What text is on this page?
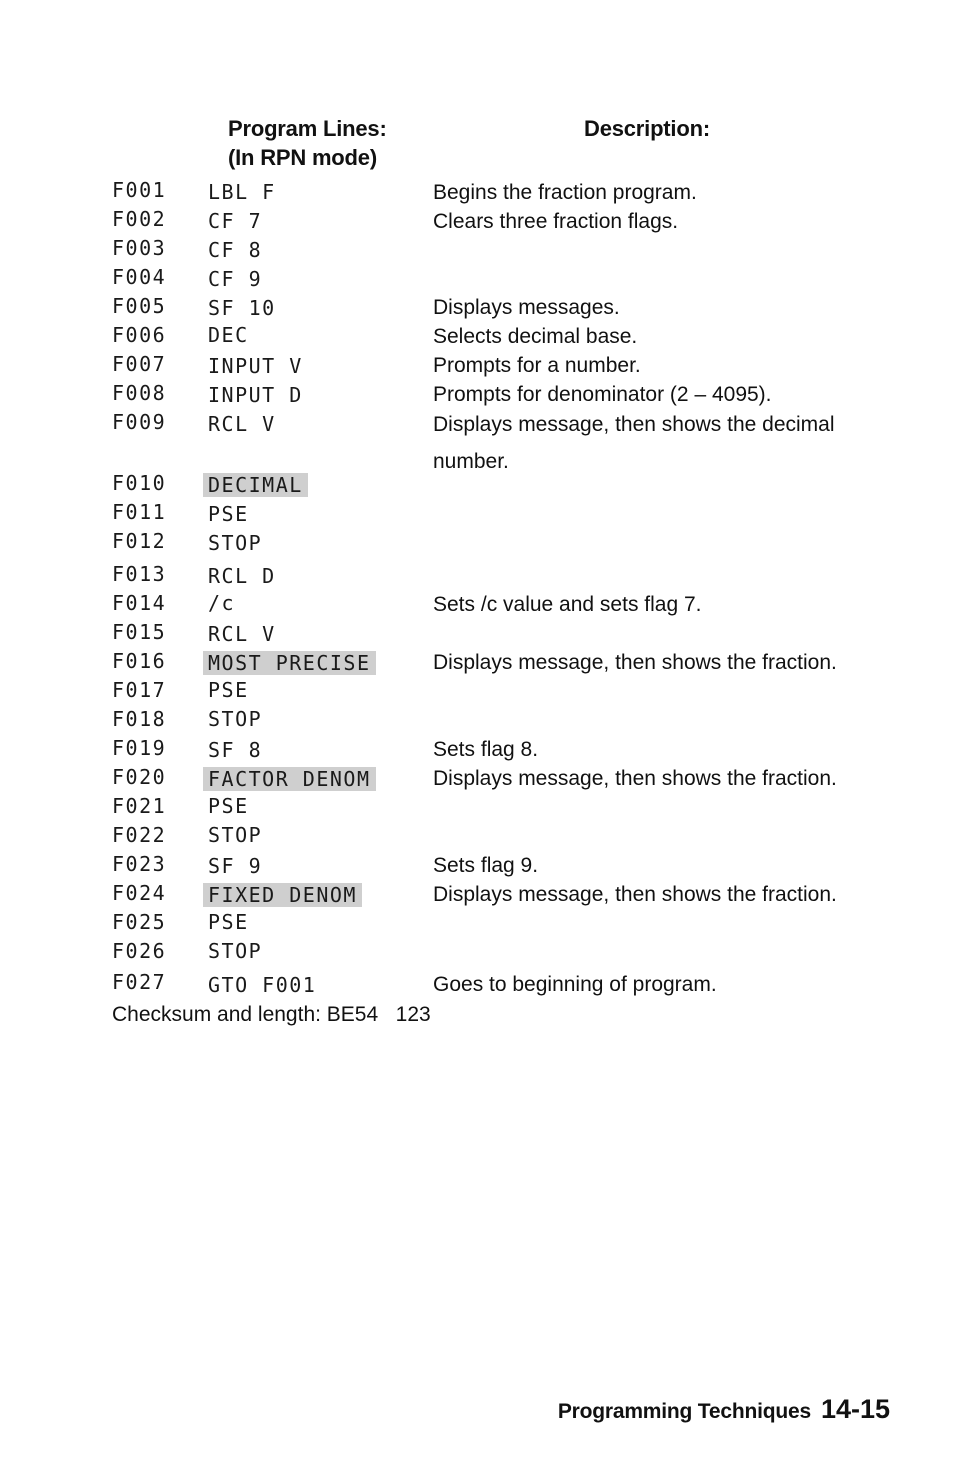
Program Lines:
(In RPN mode)
Description:
F001 LBL F
F002 CF 7
F003 CF 8
F004 CF 9
F005 SF 10
F006 DEC
F007 INPUT V
F008 INPUT D
F009 RCL V
F010 DECIMAL
F011 PSE
F012 STOP
F013 RCL D
F014 /c
F015 RCL V
F016 MOST PRECISE
F017 PSE
F018 STOP
F019 SF 8
F020 FACTOR DENOM
F021 PSE
F022 STOP
F023 SF 9
F024 FIXED DENOM
F025 PSE
F026 STOP
F027 GTO F001
Begins the fraction program.
Clears three fraction flags.
Displays messages.
Selects decimal base.
Prompts for a number.
Prompts for denominator (2 – 4095).
Displays message, then shows the decimal number.
Sets /c value and sets flag 7.
Displays message, then shows the fraction.
Sets flag 8.
Displays message, then shows the fraction.
Sets flag 9.
Displays message, then shows the fraction.
Goes to beginning of program.
Checksum and length: BE54   123
Programming Techniques 14-15
